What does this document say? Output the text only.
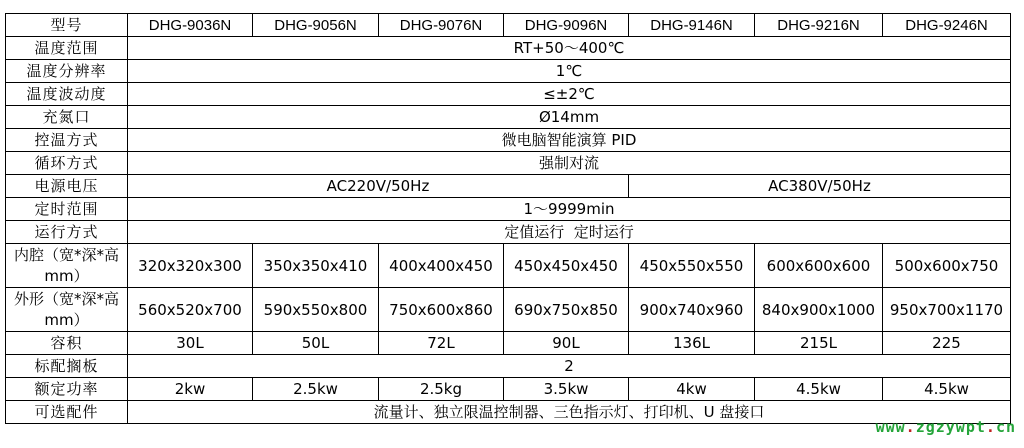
型号	DHG-9036N	DHG-9056N	DHG-9076N	DHG-9096N	DHG-9146N	DHG-9216N	DHG-9246N
温度范围	RT+50～400℃						
温度分辨率	1℃						
温度波动度	≤±2℃						
充氮口	Ø14mm						
控温方式	微电脑智能演算 PID						
循环方式	强制对流						
电源电压	AC220V/50Hz				AC380V/50Hz		
定时范围	1～9999min						
运行方式	定值运行  定时运行						
内腔（宽*深*高 mm）	320x320x300	350x350x410	400x400x450	450x450x450	450x550x550	600x600x600	500x600x750
外形（宽*深*高 mm）	560x520x700	590x550x800	750x600x860	690x750x850	900x740x960	840x900x1000	950x700x1170
容积	30L	50L	72L	90L	136L	215L	225
标配搁板	2						
额定功率	2kw	2.5kw	2.5kg	3.5kw	4kw	4.5kw	4.5kw
可选配件	流量计、独立限温控制器、三色指示灯、打印机、U 盘接口						
www.zgzywpt.cn
